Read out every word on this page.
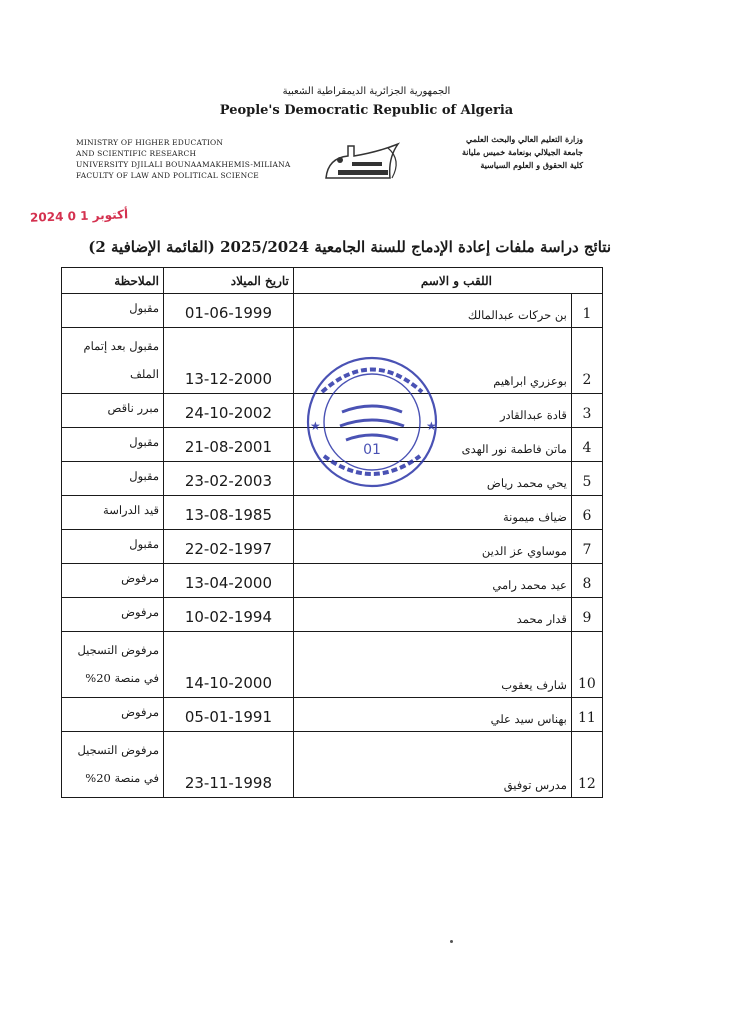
الجمهورية الجزائرية الديمقراطية الشعبية
People's Democratic Republic of Algeria
MINISTRY OF HIGHER EDUCATION
AND SCIENTIFIC RESEARCH
UNIVERSITY DJILALI BOUNAAMAKHEMIS-MILIANA
FACULTY OF LAW AND POLITICAL SCIENCE
وزارة التعليم العالي والبحث العلمي
جامعة الجيلالي بونعامة خميس مليانة
كلية الحقوق و العلوم السياسية
2024 أكتوبر 1 0
نتائج دراسة ملفات إعادة الإدماج للسنة الجامعية 2025/2024 (القائمة الإضافية 2)
اللقب و الاسم		تاريخ الميلاد	الملاحظة
1	بن حركات عبدالمالك	01-06-1999	مقبول
2	بوعزري ابراهيم	13-12-2000	مقبول بعد إتمام الملف
3	قادة عبدالقادر	24-10-2002	مبرر ناقص
4	ماتن فاطمة نور الهدى	21-08-2001	مقبول
5	يحي محمد رياض	23-02-2003	مقبول
6	ضياف ميمونة	13-08-1985	قيد الدراسة
7	موساوي عز الدين	22-02-1997	مقبول
8	عيد محمد رامي	13-04-2000	مرفوض
9	قدار محمد	10-02-1994	مرفوض
10	شارف يعقوب	14-10-2000	مرفوض التسجيل في منصة 20%
11	بهناس سيد علي	05-01-1991	مرفوض
12	مدرس توفيق	23-11-1998	مرفوض التسجيل في منصة 20%
01
★	★
